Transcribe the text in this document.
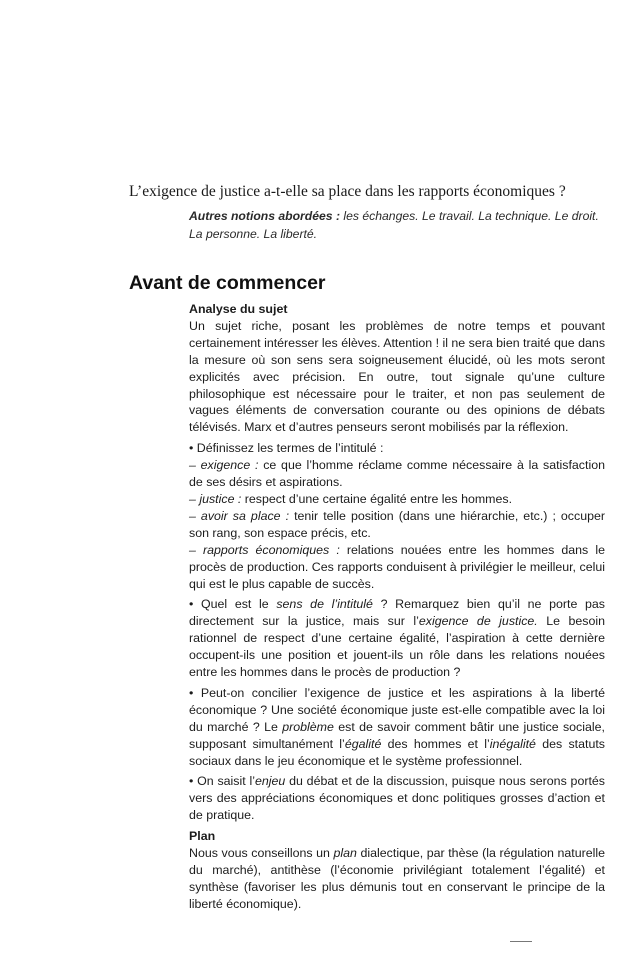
L’exigence de justice a-t-elle sa place dans les rapports économiques ?
Autres notions abordées : les échanges. Le travail. La technique. Le droit. La personne. La liberté.
Avant de commencer

Analyse du sujet

Un sujet riche, posant les problèmes de notre temps et pouvant certainement intéresser les élèves. Attention ! il ne sera bien traité que dans la mesure où son sens sera soigneusement élucidé, où les mots seront explicités avec précision. En outre, tout signale qu’une culture philosophique est nécessaire pour le traiter, et non pas seulement de vagues éléments de conversation courante ou des opinions de débats télévisés. Marx et d’autres penseurs seront mobilisés par la réflexion.

• Définissez les termes de l’intitulé :

– exigence : ce que l’homme réclame comme nécessaire à la satisfaction de ses désirs et aspirations.

– justice : respect d’une certaine égalité entre les hommes.

– avoir sa place : tenir telle position (dans une hiérarchie, etc.) ; occuper son rang, son espace précis, etc.

– rapports économiques : relations nouées entre les hommes dans le procès de production. Ces rapports conduisent à privilégier le meilleur, celui qui est le plus capable de succès.

• Quel est le sens de l’intitulé ? Remarquez bien qu’il ne porte pas directement sur la justice, mais sur l’exigence de justice. Le besoin rationnel de respect d’une certaine égalité, l’aspiration à cette dernière occupent-ils une position et jouent-ils un rôle dans les relations nouées entre les hommes dans le procès de production ?

• Peut-on concilier l’exigence de justice et les aspirations à la liberté économique ? Une société économique juste est-elle compatible avec la loi du marché ? Le problème est de savoir comment bâtir une justice sociale, supposant simultanément l’égalité des hommes et l’inégalité des statuts sociaux dans le jeu économique et le système professionnel.

• On saisit l’enjeu du débat et de la discussion, puisque nous serons portés vers des appréciations économiques et donc politiques grosses d’action et de pratique.

Plan

Nous vous conseillons un plan dialectique, par thèse (la régulation naturelle du marché), antithèse (l’économie privilégiant totalement l’égalité) et synthèse (favoriser les plus démunis tout en conservant le principe de la liberté économique).
